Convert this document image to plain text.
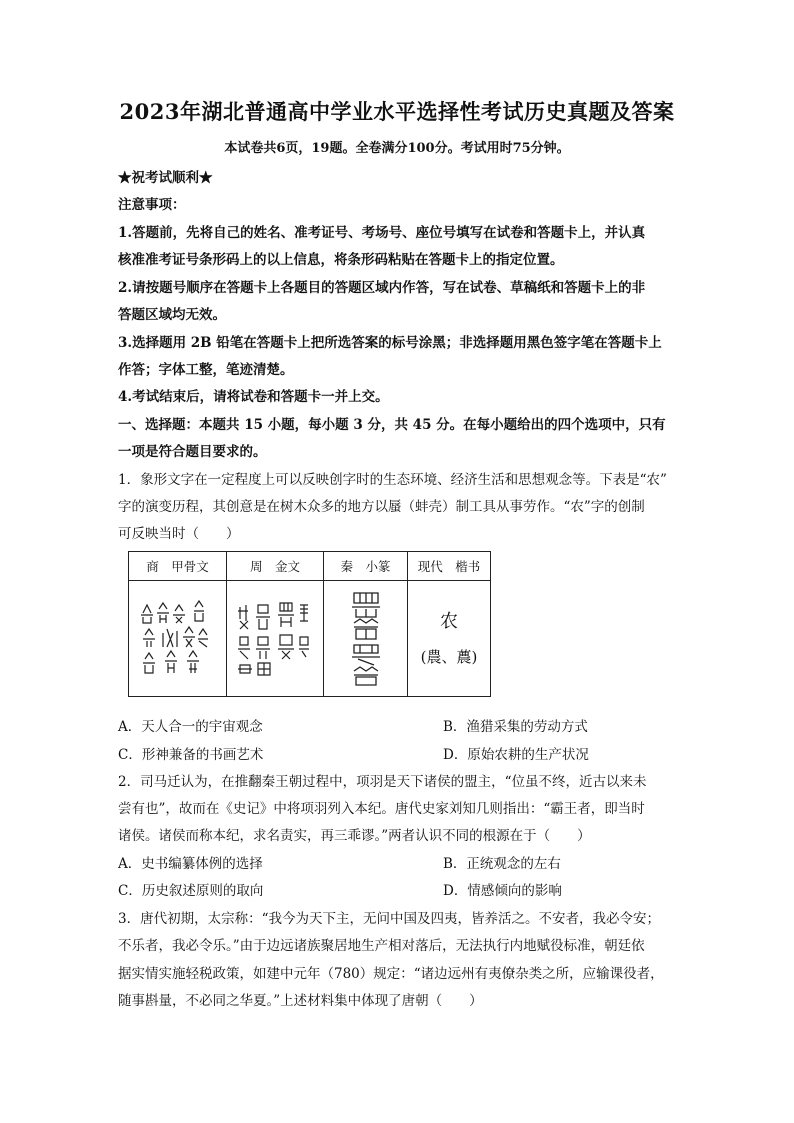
2023年湖北普通高中学业水平选择性考试历史真题及答案
本试卷共6页，19题。全卷满分100分。考试用时75分钟。
★祝考试顺利★
注意事项：
1.答题前，先将自己的姓名、准考证号、考场号、座位号填写在试卷和答题卡上，并认真
核准准考证号条形码上的以上信息，将条形码粘贴在答题卡上的指定位置。
2.请按题号顺序在答题卡上各题目的答题区域内作答，写在试卷、草稿纸和答题卡上的非
答题区域均无效。
3.选择题用 2B 铅笔在答题卡上把所选答案的标号涂黑；非选择题用黑色签字笔在答题卡上
作答；字体工整，笔迹清楚。
4.考试结束后，请将试卷和答题卡一并上交。
一、选择题：本题共 15 小题，每小题 3 分，共 45 分。在每小题给出的四个选项中，只有
一项是符合题目要求的。
1．象形文字在一定程度上可以反映创字时的生态环境、经济生活和思想观念等。下表是“农”
字的演变历程，其创意是在树木众多的地方以蜃（蚌壳）制工具从事劳作。“农”字的创制
可反映当时（　　）
商　甲骨文	周　金文	秦　小篆	现代　楷书

农
(農、蕽)
A．天人合一的宇宙观念	B．渔猎采集的劳动方式
C．形神兼备的书画艺术	D．原始农耕的生产状况
2．司马迁认为，在推翻秦王朝过程中，项羽是天下诸侯的盟主，“位虽不终，近古以来未
尝有也”，故而在《史记》中将项羽列入本纪。唐代史家刘知几则指出：“霸王者，即当时
诸侯。诸侯而称本纪，求名责实，再三乖谬。”两者认识不同的根源在于（　　）
A．史书编纂体例的选择	B．正统观念的左右
C．历史叙述原则的取向	D．情感倾向的影响
3．唐代初期，太宗称：“我今为天下主，无问中国及四夷，皆养活之。不安者，我必令安；
不乐者，我必令乐。”由于边远诸族聚居地生产相对落后，无法执行内地赋役标准，朝廷依
据实情实施轻税政策，如建中元年（780）规定：“诸边远州有夷僚杂类之所，应输课役者，
随事斟量，不必同之华夏。”上述材料集中体现了唐朝（　　）
